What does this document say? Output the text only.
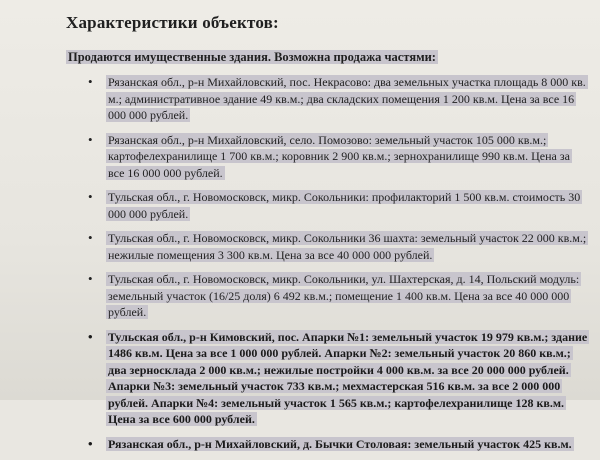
Характеристики объектов:
Продаются имущественные здания. Возможна продажа частями:
• Рязанская обл., р-н Михайловский, пос. Некрасово: два земельных участка площадь 8 000 кв. м.; административное здание 49 кв.м.; два складских помещения 1 200 кв.м. Цена за все 16 000 000 рублей.
• Рязанская обл., р-н Михайловский, село. Помозово: земельный участок 105 000 кв.м.; картофелехранилище 1 700 кв.м.; коровник 2 900 кв.м.; зернохранилище 990 кв.м. Цена за все 16 000 000 рублей.
• Тульская обл., г. Новомосковск, микр. Сокольники: профилакторий 1 500 кв.м. стоимость 30 000 000 рублей.
• Тульская обл., г. Новомосковск, микр. Сокольники 36 шахта: земельный участок 22 000 кв.м.; нежилые помещения 3 300 кв.м. Цена за все 40 000 000 рублей.
• Тульская обл., г. Новомосковск, микр. Сокольники, ул. Шахтерская, д. 14, Польский модуль: земельный участок (16/25 доля) 6 492 кв.м.; помещение 1 400 кв.м. Цена за все 40 000 000 рублей.
• Тульская обл., р-н Кимовский, пос. Апарки №1: земельный участок 19 979 кв.м.; здание 1486 кв.м. Цена за все 1 000 000 рублей. Апарки №2: земельный участок 20 860 кв.м.; два зерносклада 2 000 кв.м.; нежилые постройки 4 000 кв.м. за все 20 000 000 рублей. Апарки №3: земельный участок 733 кв.м.; мехмастерская 516 кв.м. за все 2 000 000 рублей. Апарки №4: земельный участок 1 565 кв.м.; картофелехранилище 128 кв.м. Цена за все 600 000 рублей.
• Рязанская обл., р-н Михайловский, д. Бычки Столовая: земельный участок 425 кв.м.
